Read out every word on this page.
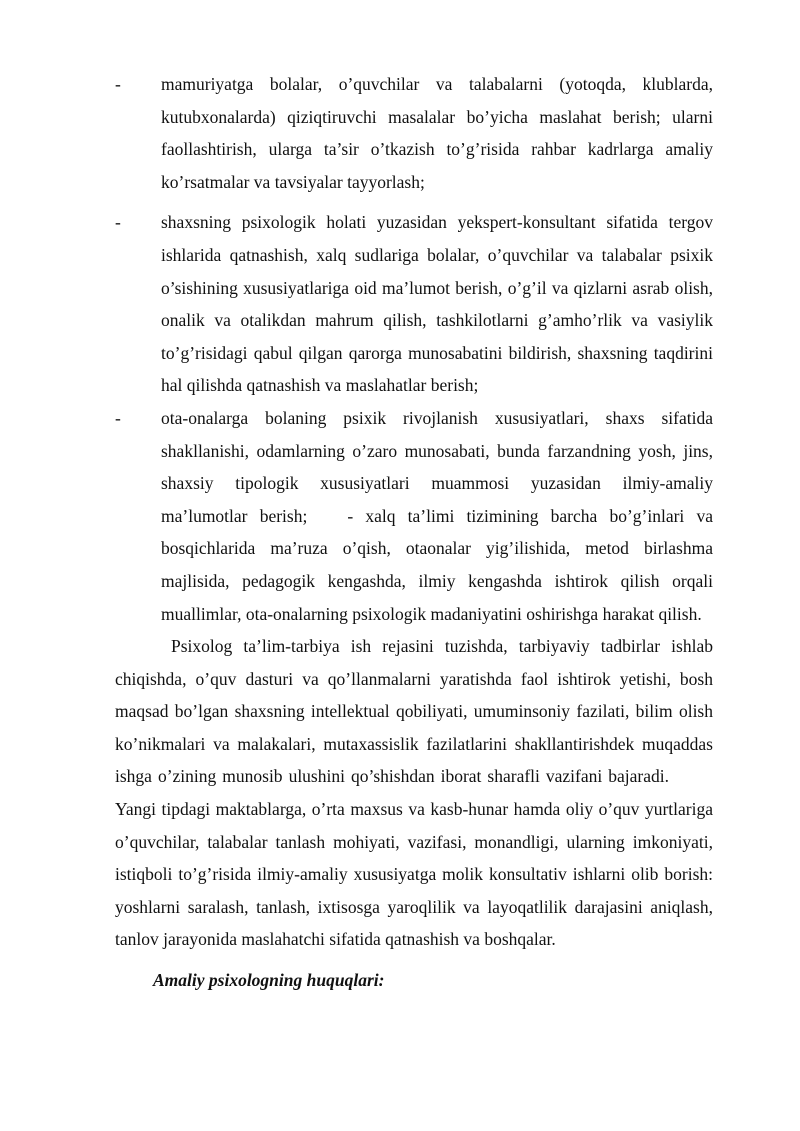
- mamuriyatga bolalar, o’quvchilar va talabalarni (yotoqda, klublarda, kutubxonalarda) qiziqtiruvchi masalalar bo’yicha maslahat berish; ularni faollashtirish, ularga ta’sir o’tkazish to’g’risida rahbar kadrlarga amaliy ko’rsatmalar va tavsiyalar tayyorlash;

- shaxsning psixologik holati yuzasidan yekspert-konsultant sifatida tergov ishlarida qatnashish, xalq sudlariga bolalar, o’quvchilar va talabalar psixik o’sishining xususiyatlariga oid ma’lumot berish, o’g’il va qizlarni asrab olish, onalik va otalikdan mahrum qilish, tashkilotlarni g’amho’rlik va vasiylik to’g’risidagi qabul qilgan qarorga munosabatini bildirish, shaxsning taqdirini hal qilishda qatnashish va maslahatlar berish;

- ota-onalarga bolaning psixik rivojlanish xususiyatlari, shaxs sifatida shakllanishi, odamlarning o’zaro munosabati, bunda farzandning yosh, jins, shaxsiy tipologik xususiyatlari muammosi yuzasidan ilmiy-amaliy ma’lumotlar berish; - xalq ta’limi tizimining barcha bo’g’inlari va bosqichlarida ma’ruza o’qish, otaonalar yig’ilishida, metod birlashma majlisida, pedagogik kengashda, ilmiy kengashda ishtirok qilish orqali muallimlar, ota-onalarning psixologik madaniyatini oshirishga harakat qilish.

Psixolog ta’lim-tarbiya ish rejasini tuzishda, tarbiyaviy tadbirlar ishlab chiqishda, o’quv dasturi va qo’llanmalarni yaratishda faol ishtirok yetishi, bosh maqsad bo’lgan shaxsning intellektual qobiliyati, umuminsoniy fazilati, bilim olish ko’nikmalari va malakalari, mutaxassislik fazilatlarini shakllantirishdek muqaddas ishga o’zining munosib ulushini qo’shishdan iborat sharafli vazifani bajaradi.Yangi tipdagi maktablarga, o’rta maxsus va kasb-hunar hamda oliy o’quv yurtlariga o’quvchilar, talabalar tanlash mohiyati, vazifasi, monandligi, ularning imkoniyati, istiqboli to’g’risida ilmiy-amaliy xususiyatga molik konsultativ ishlarni olib borish: yoshlarni saralash, tanlash, ixtisosga yaroqlilik va layoqatlilik darajasini aniqlash, tanlov jarayonida maslahatchi sifatida qatnashish va boshqalar.

Amaliy psixologning huquqlari:
